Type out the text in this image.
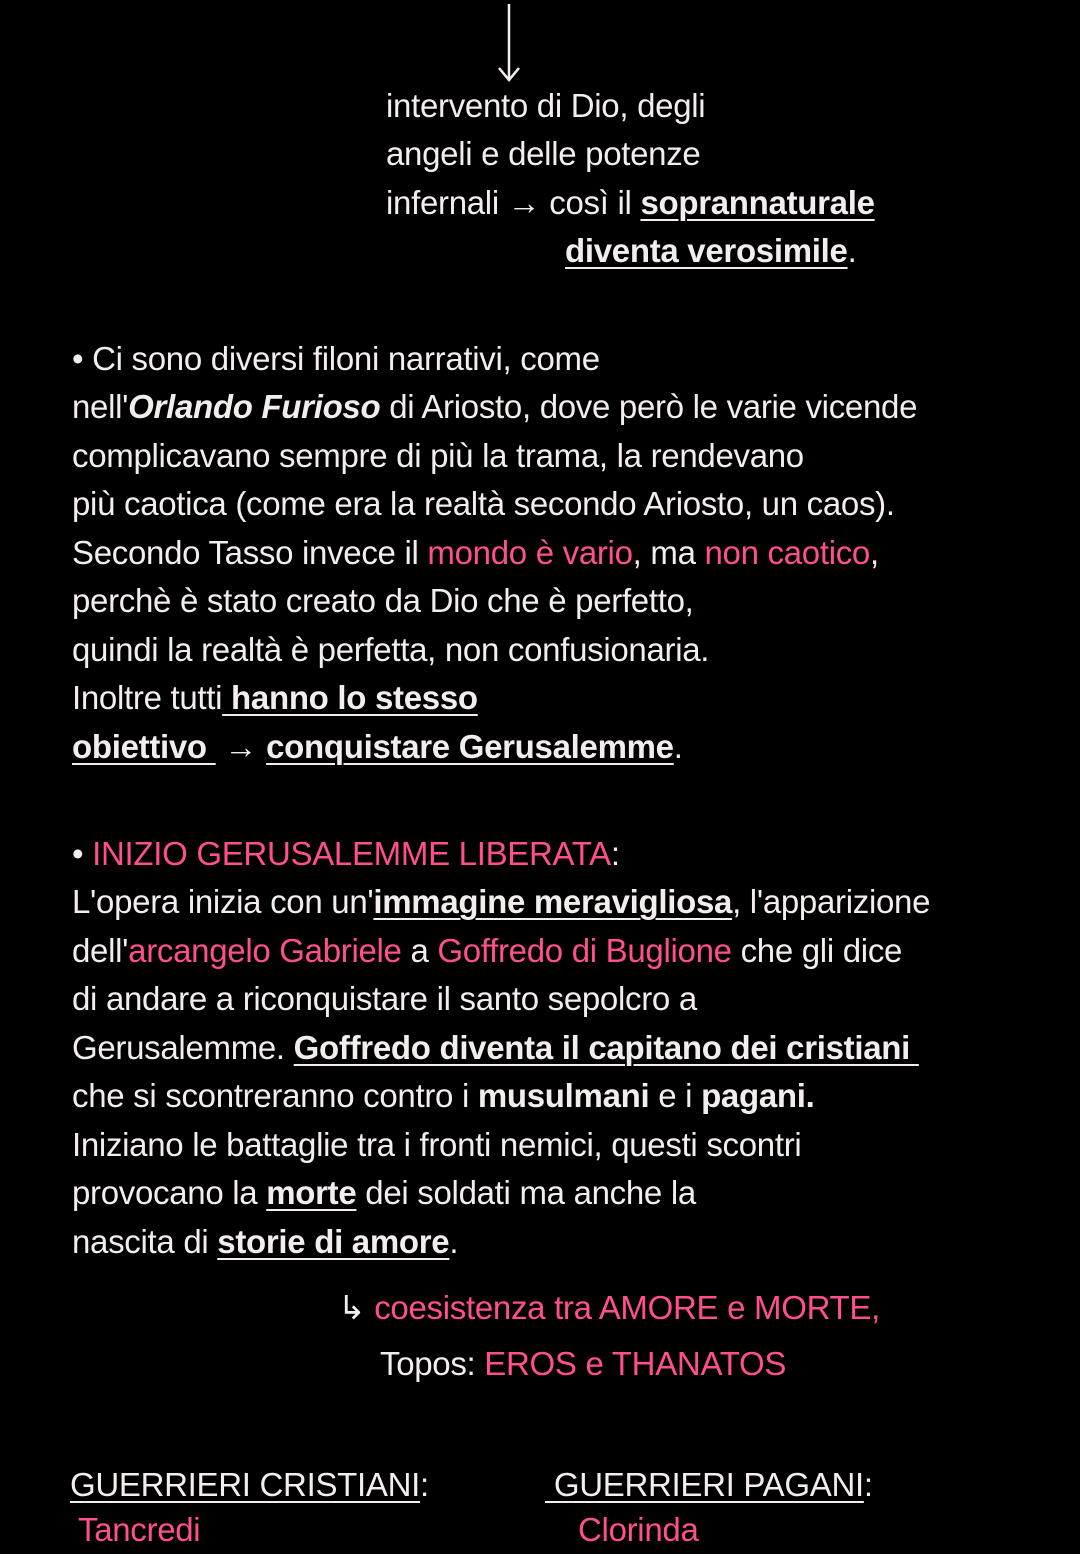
intervento di Dio, degli
angeli e delle potenze
infernali → così il soprannaturale
diventa verosimile.
• Ci sono diversi filoni narrativi, come
nell'Orlando Furioso di Ariosto, dove però le varie vicende
complicavano sempre di più la trama, la rendevano
più caotica (come era la realtà secondo Ariosto, un caos).
Secondo Tasso invece il mondo è vario, ma non caotico,
perchè è stato creato da Dio che è perfetto,
quindi la realtà è perfetta, non confusionaria.
Inoltre tutti hanno lo stesso
obiettivo  → conquistare Gerusalemme.
• INIZIO GERUSALEMME LIBERATA:
L'opera inizia con un'immagine meravigliosa, l'apparizione
dell'arcangelo Gabriele a Goffredo di Buglione che gli dice
di andare a riconquistare il santo sepolcro a
Gerusalemme. Goffredo diventa il capitano dei cristiani
che si scontreranno contro i musulmani e i pagani.
Iniziano le battaglie tra i fronti nemici, questi scontri
provocano la morte dei soldati ma anche la
nascita di storie di amore.
↳ coesistenza tra AMORE e MORTE,
Topos: EROS e THANATOS
GUERRIERI CRISTIANI:	GUERRIERI PAGANI:
Tancredi	Clorinda
